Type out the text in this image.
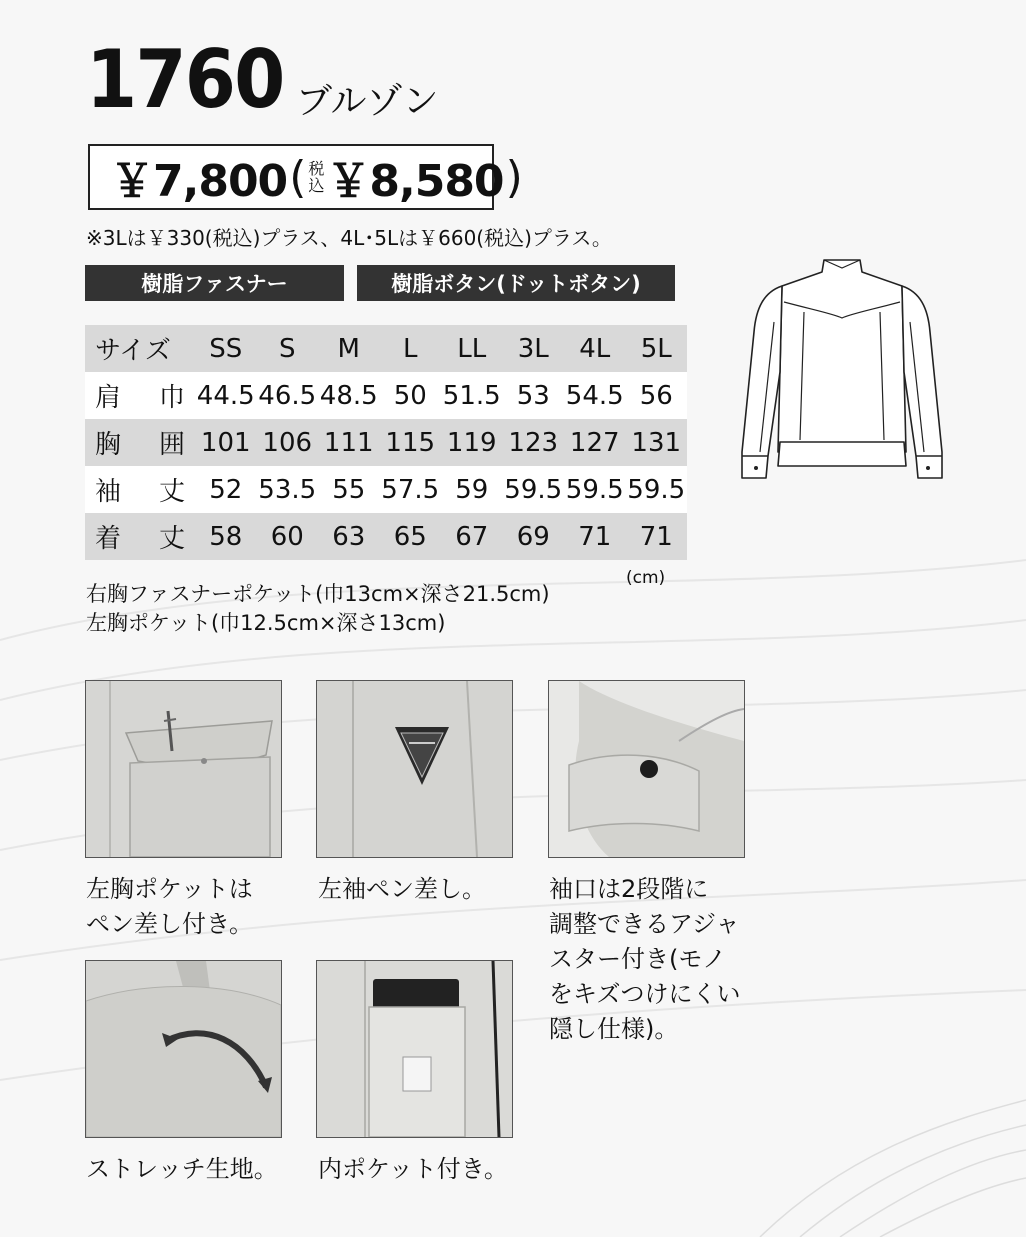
1760 ブルゾン
￥7,800 ( 税
込 ￥8,580 )
※3Lは￥330(税込)プラス、4L･5Lは￥660(税込)プラス。
樹脂ファスナー	樹脂ボタン(ドットボタン)
サイズ	SS	S	M	L	LL	3L	4L	5L
肩　巾	44.5	46.5	48.5	50	51.5	53	54.5	56
胸　囲	101	106	111	115	119	123	127	131
袖　丈	52	53.5	55	57.5	59	59.5	59.5	59.5
着　丈	58	60	63	65	67	69	71	71
(cm)
右胸ファスナーポケット(巾13cm×深さ21.5cm)
左胸ポケット(巾12.5cm×深さ13cm)
左胸ポケットは
ペン差し付き。
左袖ペン差し。	袖口は2段階に
調整できるアジャ
スター付き(モノ
をキズつけにくい
隠し仕様)。
ストレッチ生地。	内ポケット付き。
